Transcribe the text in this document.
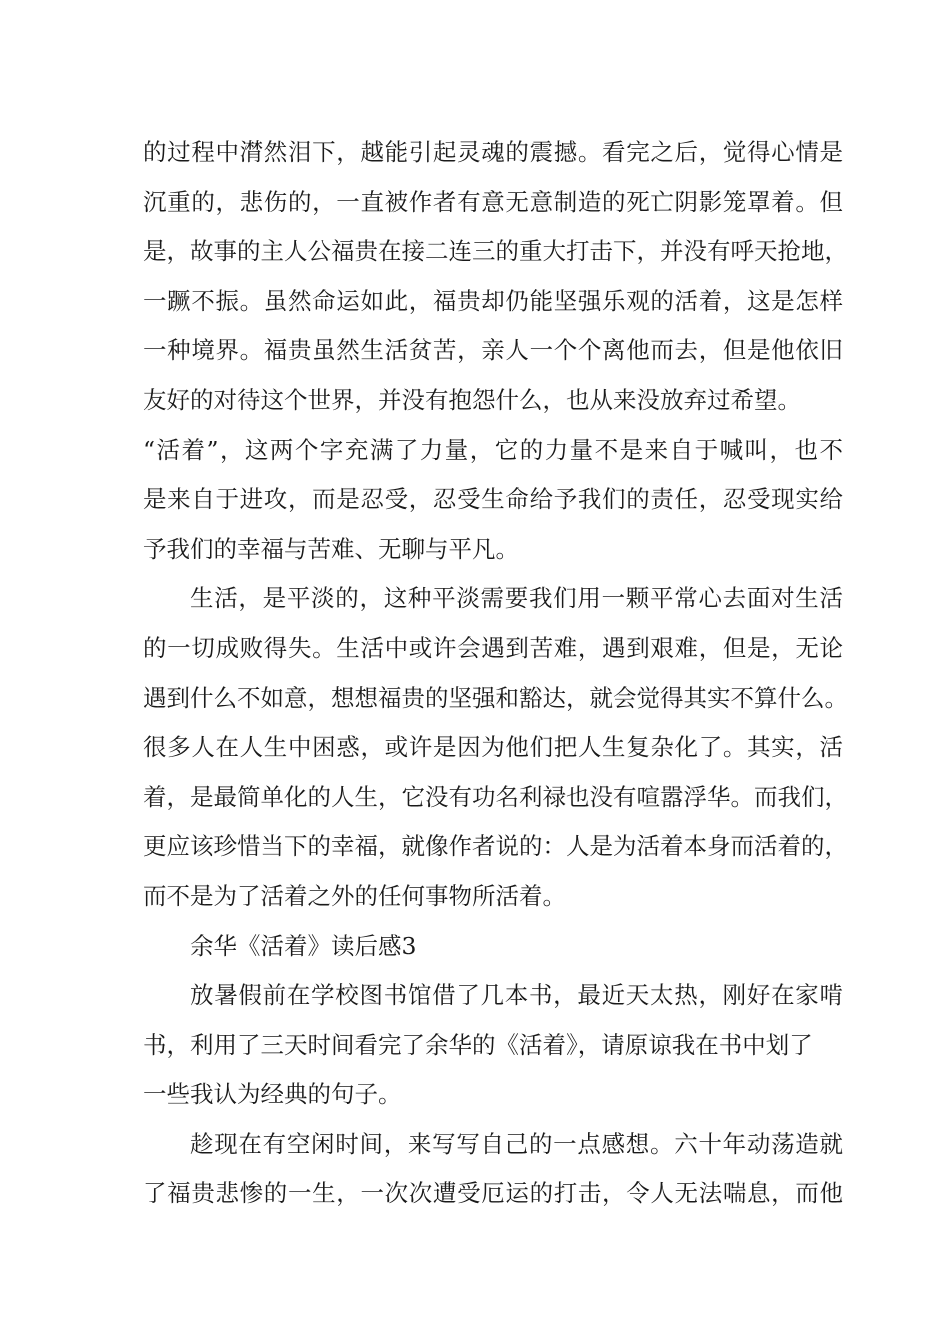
的过程中潸然泪下，越能引起灵魂的震撼。看完之后，觉得心情是
沉重的，悲伤的，一直被作者有意无意制造的死亡阴影笼罩着。但
是，故事的主人公福贵在接二连三的重大打击下，并没有呼天抢地，
一蹶不振。虽然命运如此，福贵却仍能坚强乐观的活着，这是怎样
一种境界。福贵虽然生活贫苦，亲人一个个离他而去，但是他依旧
友好的对待这个世界，并没有抱怨什么，也从来没放弃过希望。
“活着”，这两个字充满了力量，它的力量不是来自于喊叫，也不
是来自于进攻，而是忍受，忍受生命给予我们的责任，忍受现实给
予我们的幸福与苦难、无聊与平凡。
生活，是平淡的，这种平淡需要我们用一颗平常心去面对生活
的一切成败得失。生活中或许会遇到苦难，遇到艰难，但是，无论
遇到什么不如意，想想福贵的坚强和豁达，就会觉得其实不算什么。
很多人在人生中困惑，或许是因为他们把人生复杂化了。其实，活
着，是最简单化的人生，它没有功名利禄也没有喧嚣浮华。而我们，
更应该珍惜当下的幸福，就像作者说的：人是为活着本身而活着的，
而不是为了活着之外的任何事物所活着。
余华《活着》读后感3
放暑假前在学校图书馆借了几本书，最近天太热，刚好在家啃
书，利用了三天时间看完了余华的《活着》，请原谅我在书中划了
一些我认为经典的句子。
趁现在有空闲时间，来写写自己的一点感想。六十年动荡造就
了福贵悲惨的一生，一次次遭受厄运的打击，令人无法喘息，而他
